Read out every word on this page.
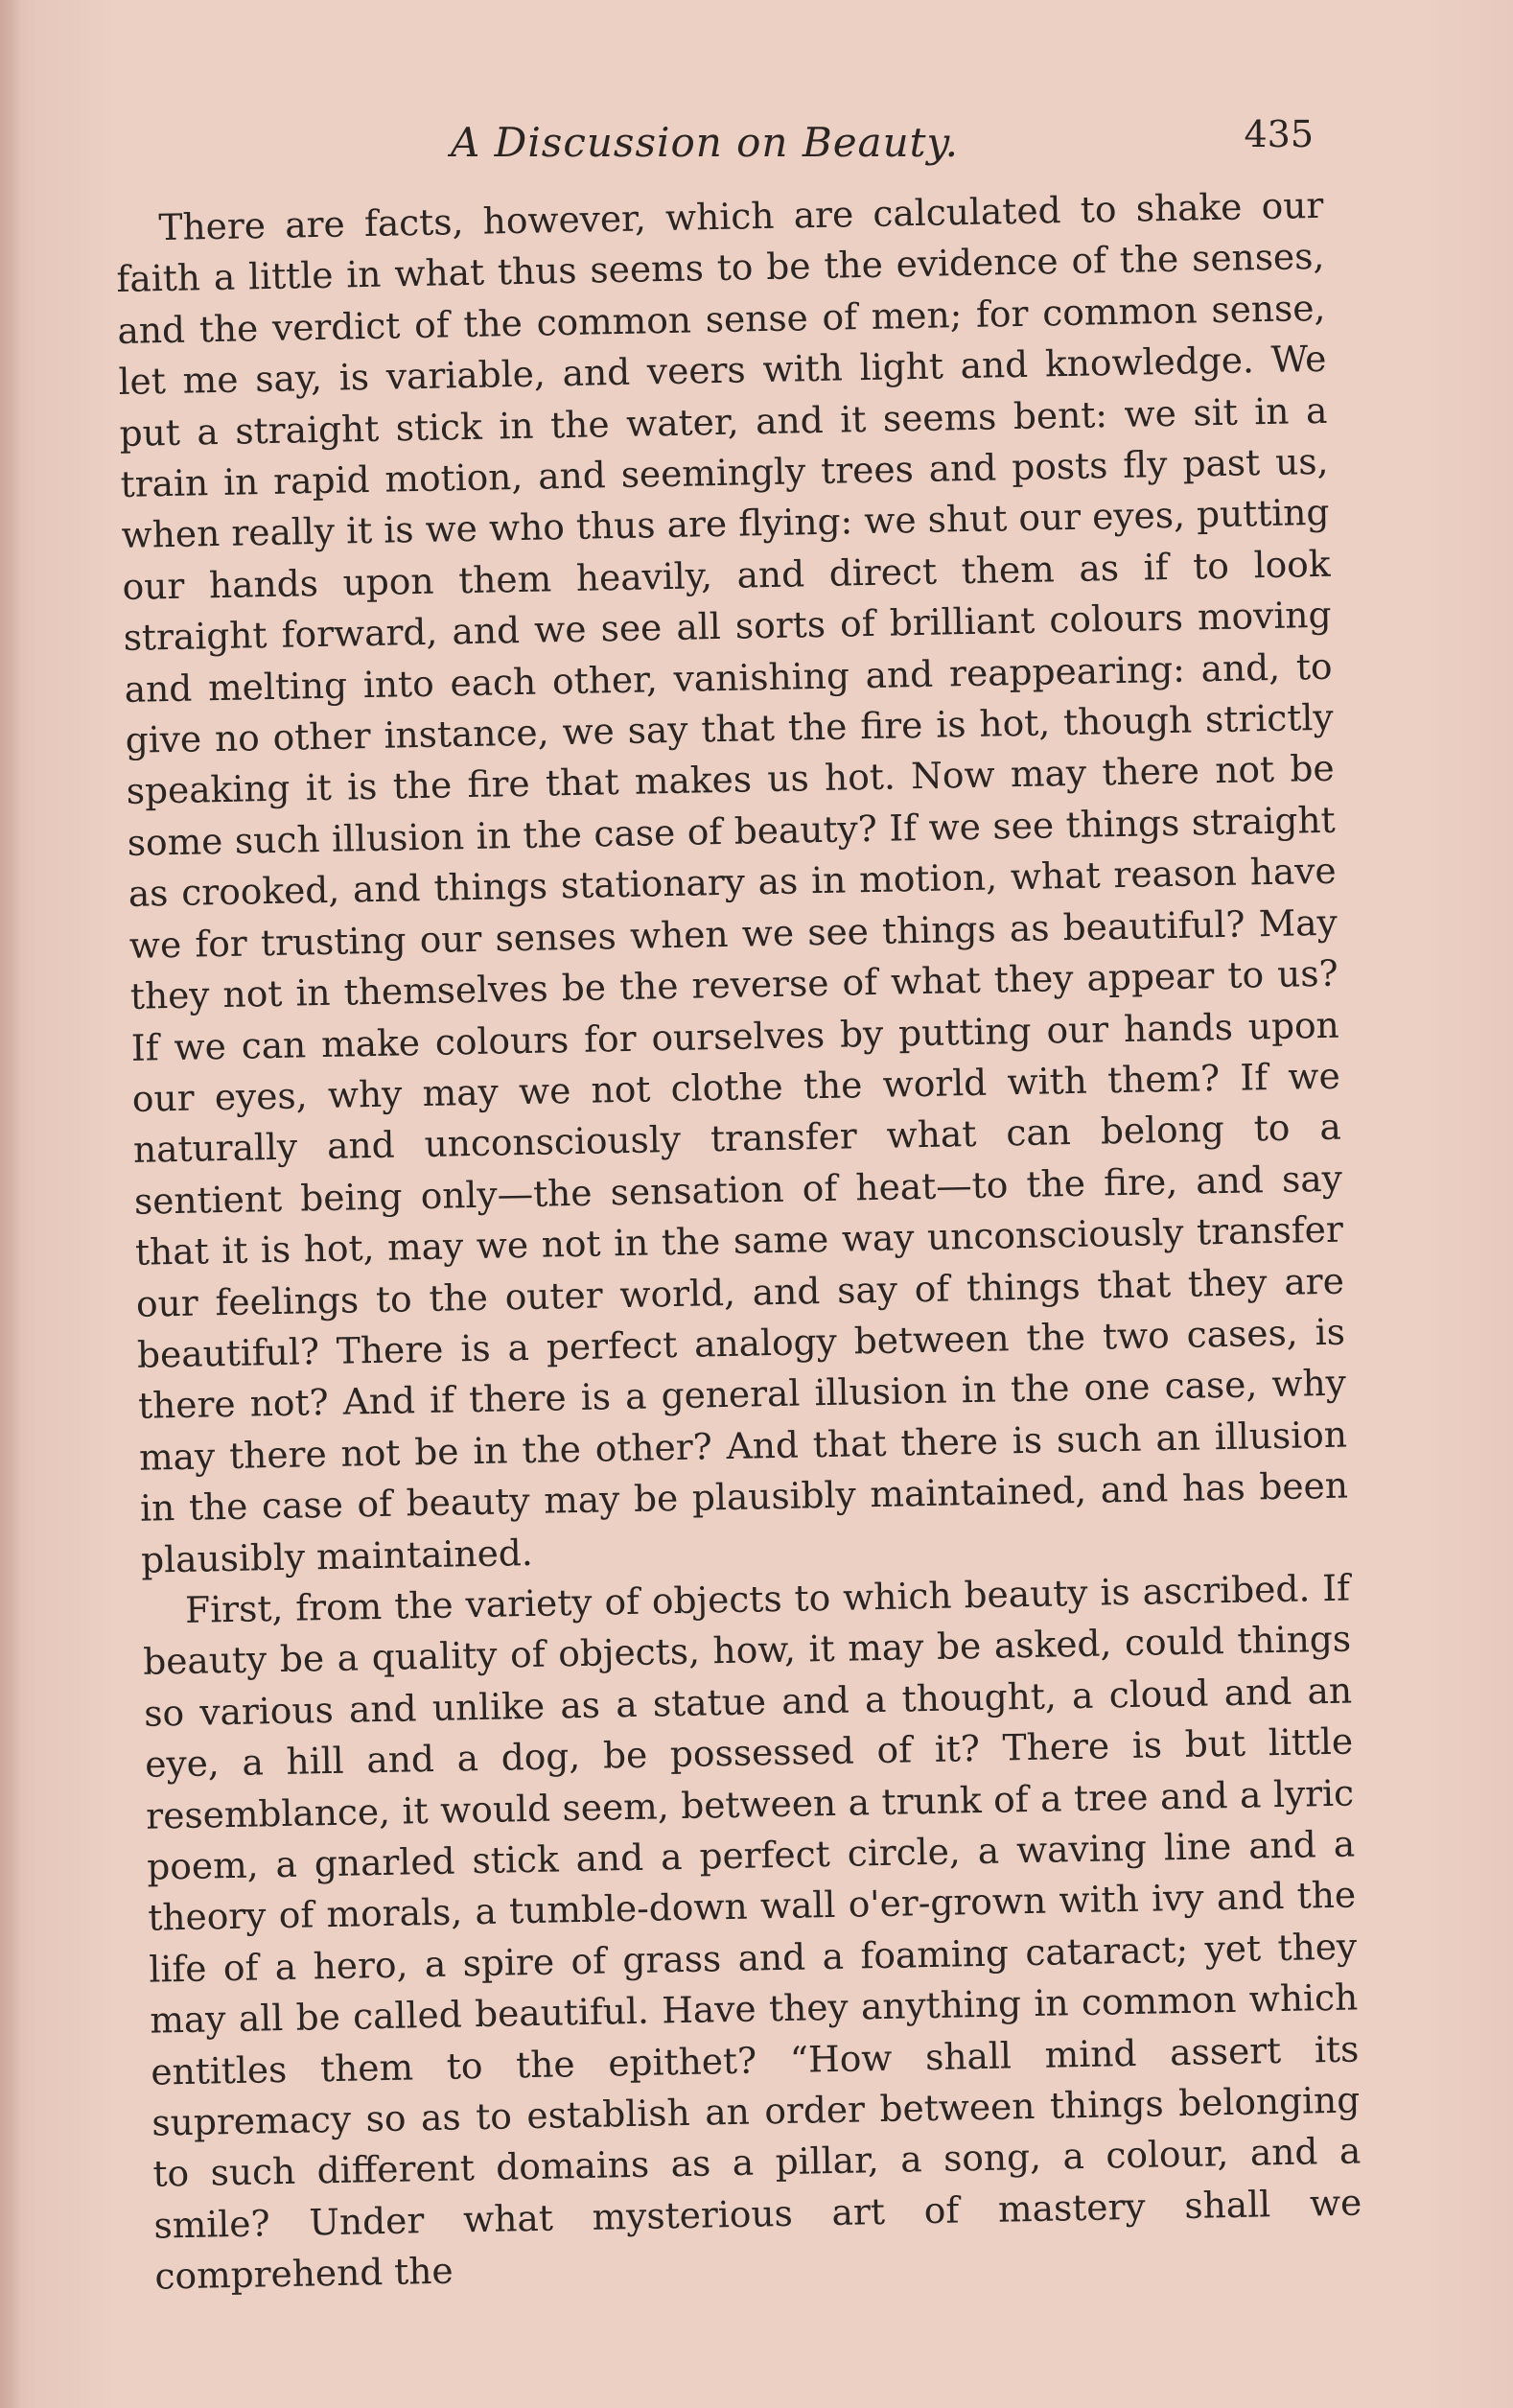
A Discussion on Beauty.	435

There are facts, however, which are calculated to shake our faith a little in what thus seems to be the evidence of the senses, and the verdict of the common sense of men; for common sense, let me say, is variable, and veers with light and knowledge. We put a straight stick in the water, and it seems bent: we sit in a train in rapid motion, and seemingly trees and posts fly past us, when really it is we who thus are flying: we shut our eyes, putting our hands upon them heavily, and direct them as if to look straight forward, and we see all sorts of brilliant colours moving and melting into each other, vanishing and reappearing: and, to give no other instance, we say that the fire is hot, though strictly speaking it is the fire that makes us hot. Now may there not be some such illusion in the case of beauty? If we see things straight as crooked, and things stationary as in motion, what reason have we for trusting our senses when we see things as beautiful? May they not in themselves be the reverse of what they appear to us? If we can make colours for ourselves by putting our hands upon our eyes, why may we not clothe the world with them? If we naturally and unconsciously transfer what can belong to a sentient being only—the sensation of heat—to the fire, and say that it is hot, may we not in the same way unconsciously transfer our feelings to the outer world, and say of things that they are beautiful? There is a perfect analogy between the two cases, is there not? And if there is a general illusion in the one case, why may there not be in the other? And that there is such an illusion in the case of beauty may be plausibly maintained, and has been plausibly maintained.

First, from the variety of objects to which beauty is ascribed. If beauty be a quality of objects, how, it may be asked, could things so various and unlike as a statue and a thought, a cloud and an eye, a hill and a dog, be possessed of it? There is but little resemblance, it would seem, between a trunk of a tree and a lyric poem, a gnarled stick and a perfect circle, a waving line and a theory of morals, a tumble-down wall o'er-grown with ivy and the life of a hero, a spire of grass and a foaming cataract; yet they may all be called beautiful. Have they anything in common which entitles them to the epithet? “How shall mind assert its supremacy so as to establish an order between things belonging to such different domains as a pillar, a song, a colour, and a smile? Under what mysterious art of mastery shall we comprehend the
